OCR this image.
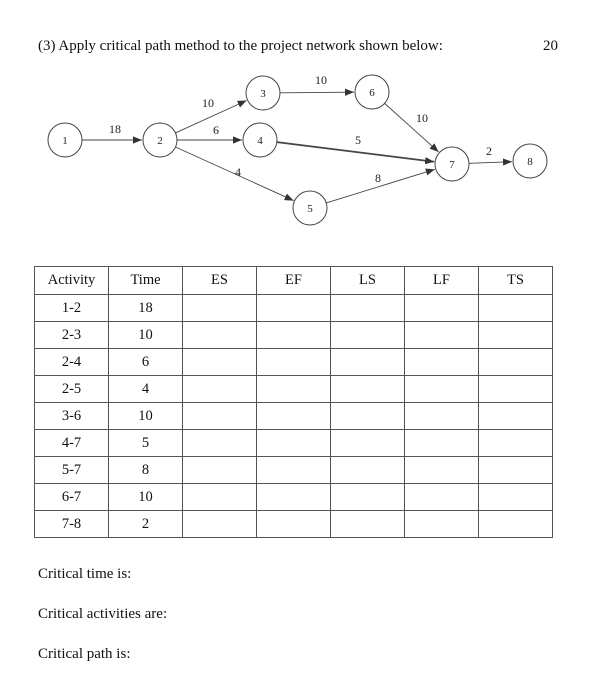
(3) Apply critical path method to the project network shown below:	20
18
10
6
4
10
5
8
10
2
1	2
3
4
5
6
7	8
Activity	Time	ES	EF	LS	LF	TS
1-2	18					
2-3	10					
2-4	6					
2-5	4					
3-6	10					
4-7	5					
5-7	8					
6-7	10					
7-8	2					
Critical time is:
Critical activities are:
Critical path is:
